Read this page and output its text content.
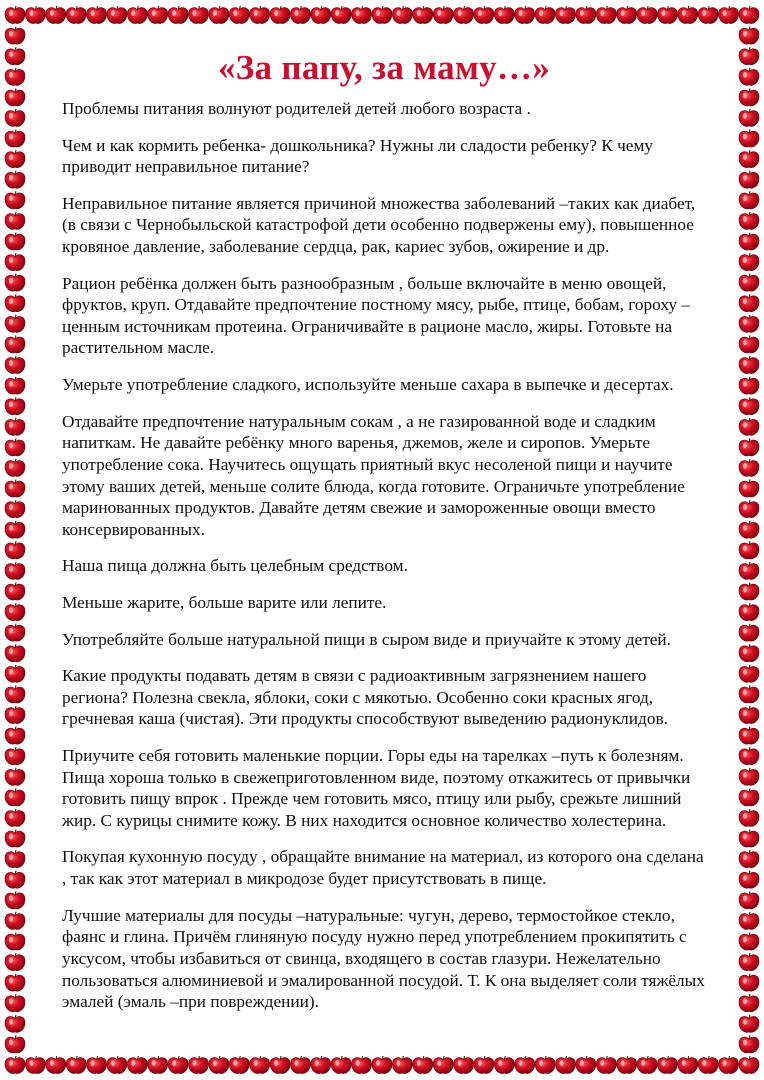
«За папу, за маму…»

Проблемы питания волнуют родителей детей любого возраста .

Чем и как кормить ребенка- дошкольника? Нужны ли сладости ребенку? К чему приводит неправильное питание?

Неправильное питание является причиной множества заболеваний –таких как диабет, (в связи с Чернобыльской катастрофой дети особенно подвержены ему), повышенное кровяное давление, заболевание сердца, рак, кариес зубов, ожирение и др.

Рацион ребёнка должен быть разнообразным , больше включайте в меню овощей, фруктов, круп. Отдавайте предпочтение постному мясу, рыбе, птице, бобам, гороху – ценным источникам протеина. Ограничивайте в рационе масло, жиры. Готовьте на растительном масле.

Умерьте употребление сладкого, используйте меньше сахара в выпечке и десертах.

Отдавайте предпочтение натуральным сокам , а не газированной воде и сладким напиткам. Не давайте ребёнку много варенья, джемов, желе и сиропов. Умерьте употребление сока. Научитесь ощущать приятный вкус несоленой пищи и научите этому ваших детей, меньше солите блюда, когда готовите. Ограничьте употребление маринованных продуктов. Давайте детям свежие и замороженные овощи вместо консервированных.

Наша пища должна быть целебным средством.

Меньше жарите, больше варите или лепите.

Употребляйте больше натуральной пищи в сыром виде и приучайте к этому детей.

Какие продукты подавать детям в связи с радиоактивным загрязнением нашего региона? Полезна свекла, яблоки, соки с мякотью. Особенно соки красных ягод, гречневая каша (чистая). Эти продукты способствуют выведению радионуклидов.

Приучите себя готовить маленькие порции. Горы еды на тарелках –путь к болезням. Пища хороша только в свежеприготовленном виде, поэтому откажитесь от привычки готовить пищу впрок . Прежде чем готовить мясо, птицу или рыбу, срежьте лишний жир. С курицы снимите кожу. В них находится основное количество холестерина.

Покупая кухонную посуду , обращайте внимание на материал, из которого она сделана , так как этот материал в микродозе будет присутствовать в пище.

Лучшие материалы для посуды –натуральные: чугун, дерево, термостойкое стекло, фаянс и глина. Причём глиняную посуду нужно перед употреблением прокипятить с уксусом, чтобы избавиться от свинца, входящего в состав глазури. Нежелательно пользоваться алюминиевой и эмалированной посудой. Т. К она выделяет соли тяжёлых эмалей (эмаль –при повреждении).
